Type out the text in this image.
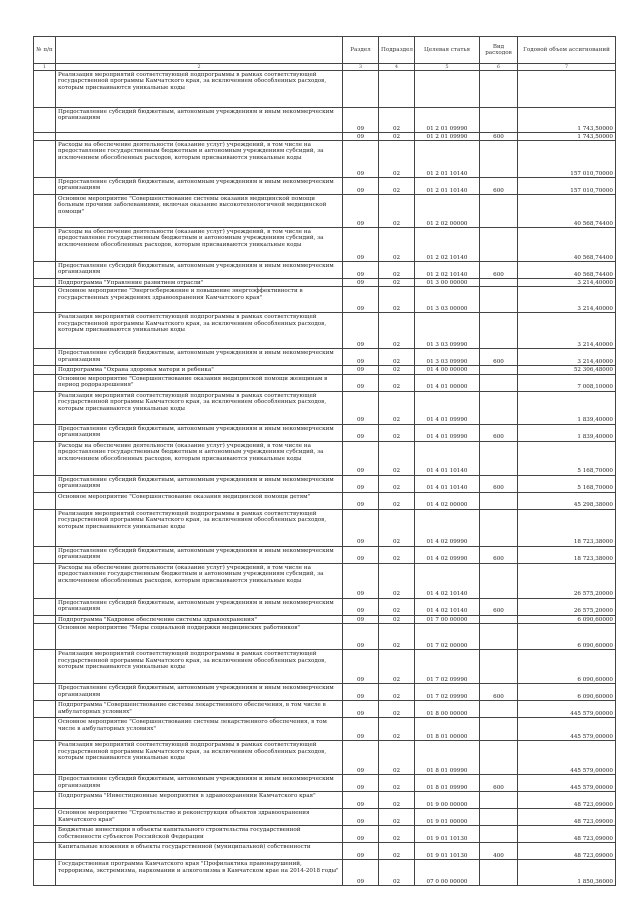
№ п/п		Раздел	Подраздел	Целевая статья	Вид расходов	Годовой объем ассигнований
1	2	3	4	5	6	7
	Реализация мероприятий соответствующей подпрограммы в рамках соответствующей государственной программы Камчатского края, за исключением обособленных расходов, которым присваиваются уникальные коды					
	Предоставление субсидий бюджетным, автономным учреждениям и иным некоммерческим организациям	09	02	01 2 01 09990		1 743,50000
		09	02	01 2 01 09990	600	1 743,50000
	Расходы на обеспечение деятельности (оказание услуг) учреждений, в том числе на предоставление государственным бюджетным и автономным учреждениям субсидий, за исключением обособленных расходов, которым присваиваются уникальные коды	09	02	01 2 01 10140		157 010,70000
	Предоставление субсидий бюджетным, автономным учреждениям и иным некоммерческим организациям	09	02	01 2 01 10140	600	157 010,70000
	Основное мероприятие "Совершенствование системы оказания медицинской помощи больным прочими заболеваниями, включая оказание высокотехнологичной медицинской помощи"	09	02	01 2 02 00000		40 568,74400
	Расходы на обеспечение деятельности (оказание услуг) учреждений, в том числе на предоставление государственным бюджетным и автономным учреждениям субсидий, за исключением обособленных расходов, которым присваиваются уникальные коды	09	02	01 2 02 10140		40 568,74400
	Предоставление субсидий бюджетным, автономным учреждениям и иным некоммерческим организациям	09	02	01 2 02 10140	600	40 568,74400
	Подпрограмма "Управление развитием отрасли"	09	02	01 3 00 00000		3 214,40000
	Основное мероприятие "Энергосбережение и повышение энергоэффективности в государственных учреждениях здравоохранения Камчатского края"	09	02	01 3 03 00000		3 214,40000
	Реализация мероприятий соответствующей подпрограммы в рамках соответствующей государственной программы Камчатского края, за исключением обособленных расходов, которым присваиваются уникальные коды	09	02	01 3 03 09990		3 214,40000
	Предоставление субсидий бюджетным, автономным учреждениям и иным некоммерческим организациям	09	02	01 3 03 09990	600	3 214,40000
	Подпрограмма "Охрана здоровья матери и ребенка"	09	02	01 4 00 00000		52 306,48000
	Основное мероприятие "Совершенствование оказания медицинской помощи женщинам в период родоразрешения"	09	02	01 4 01 00000		7 008,10000
	Реализация мероприятий соответствующей подпрограммы в рамках соответствующей государственной программы Камчатского края, за исключением обособленных расходов, которым присваиваются уникальные коды	09	02	01 4 01 09990		1 839,40000
	Предоставление субсидий бюджетным, автономным учреждениям и иным некоммерческим организациям	09	02	01 4 01 09990	600	1 839,40000
	Расходы на обеспечение деятельности (оказание услуг) учреждений, в том числе на предоставление государственным бюджетным и автономным учреждениям субсидий, за исключением обособленных расходов, которым присваиваются уникальные коды	09	02	01 4 01 10140		5 168,70000
	Предоставление субсидий бюджетным, автономным учреждениям и иным некоммерческим организациям	09	02	01 4 01 10140	600	5 168,70000
	Основное мероприятие "Совершенствование оказания медицинской помощи детям"	09	02	01 4 02 00000		45 298,38000
	Реализация мероприятий соответствующей подпрограммы в рамках соответствующей государственной программы Камчатского края, за исключением обособленных расходов, которым присваиваются уникальные коды	09	02	01 4 02 09990		18 723,38000
	Предоставление субсидий бюджетным, автономным учреждениям и иным некоммерческим организациям	09	02	01 4 02 09990	600	18 723,38000
	Расходы на обеспечение деятельности (оказание услуг) учреждений, в том числе на предоставление государственным бюджетным и автономным учреждениям субсидий, за исключением обособленных расходов, которым присваиваются уникальные коды	09	02	01 4 02 10140		26 575,20000
	Предоставление субсидий бюджетным, автономным учреждениям и иным некоммерческим организациям	09	02	01 4 02 10140	600	26 575,20000
	Подпрограмма "Кадровое обеспечение системы здравоохранения"	09	02	01 7 00 00000		6 090,60000
	Основное мероприятие "Меры социальной поддержки медицинских работников"	09	02	01 7 02 00000		6 090,60000
	Реализация мероприятий соответствующей подпрограммы в рамках соответствующей государственной программы Камчатского края, за исключением обособленных расходов, которым присваиваются уникальные коды	09	02	01 7 02 09990		6 090,60000
	Предоставление субсидий бюджетным, автономным учреждениям и иным некоммерческим организациям	09	02	01 7 02 09990	600	6 090,60000
	Подпрограмма "Совершенствование системы лекарственного обеспечения, в том числе в амбулаторных условиях"	09	02	01 8 00 00000		445 579,00000
	Основное мероприятие "Совершенствование системы лекарственного обеспечения, в том числе в амбулаторных условиях"	09	02	01 8 01 00000		445 579,00000
	Реализация мероприятий соответствующей подпрограммы в рамках соответствующей государственной программы Камчатского края, за исключением обособленных расходов, которым присваиваются уникальные коды	09	02	01 8 01 09990		445 579,00000
	Предоставление субсидий бюджетным, автономным учреждениям и иным некоммерческим организациям	09	02	01 8 01 09990	600	445 579,00000
	Подпрограмма "Инвестиционные мероприятия в здравоохранении Камчатского края"	09	02	01 9 00 00000		48 723,09000
	Основное мероприятие "Строительство и реконструкция объектов здравоохранения Камчатского края"	09	02	01 9 01 00000		48 723,09000
	Бюджетные инвестиции в объекты капитального строительства государственной собственности субъектов Российской Федерации	09	02	01 9 01 10130		48 723,09000
	Капитальные вложения в объекты государственной (муниципальной) собственности	09	02	01 9 01 10130	400	48 723,09000
	Государственная программа Камчатского края "Профилактика правонарушений, терроризма, экстремизма, наркомании и алкоголизма в Камчатском крае на 2014-2018 годы"	09	02	07 0 00 00000		1 850,36000
